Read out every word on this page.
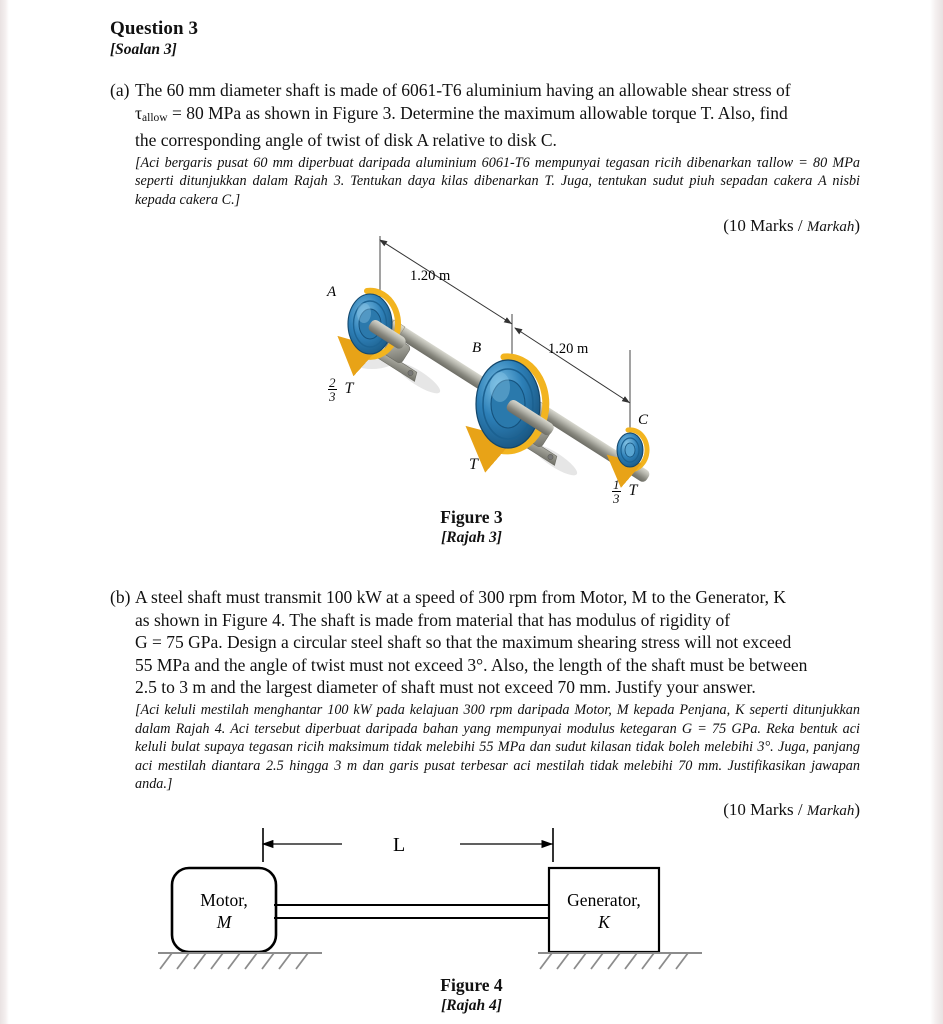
Question 3
[Soalan 3]
(a) The 60 mm diameter shaft is made of 6061-T6 aluminium having an allowable shear stress of
$\tau_{allow} = 80$ MPa as shown in Figure 3. Determine the maximum allowable torque T. Also, find
the corresponding angle of twist of disk A relative to disk C.
[Aci bergaris pusat 60 mm diperbuat daripada aluminium 6061-T6 mempunyai tegasan ricih dibenarkan τallow = 80 MPa seperti ditunjukkan dalam Rajah 3. Tentukan daya kilas dibenarkan T. Juga, tentukan sudut piuh sepadan cakera A nisbi kepada cakera C.]
(10 Marks / Markah)
1.20 m
1.20 m
A
B
C
$\frac{2}{3}$ T
T
$\frac{1}{3}$ T
Figure 3
[Rajah 3]
(b) A steel shaft must transmit 100 kW at a speed of 300 rpm from Motor, M to the Generator, K
as shown in Figure 4. The shaft is made from material that has modulus of rigidity of
G = 75 GPa. Design a circular steel shaft so that the maximum shearing stress will not exceed
55 MPa and the angle of twist must not exceed 3°. Also, the length of the shaft must be between
2.5 to 3 m and the largest diameter of shaft must not exceed 70 mm. Justify your answer.
[Aci keluli mestilah menghantar 100 kW pada kelajuan 300 rpm daripada Motor, M kepada Penjana, K seperti ditunjukkan dalam Rajah 4. Aci tersebut diperbuat daripada bahan yang mempunyai modulus ketegaran G = 75 GPa. Reka bentuk aci keluli bulat supaya tegasan ricih maksimum tidak melebihi 55 MPa dan sudut kilasan tidak boleh melebihi 3°. Juga, panjang aci mestilah diantara 2.5 hingga 3 m dan garis pusat terbesar aci mestilah tidak melebihi 70 mm. Justifikasikan jawapan anda.]
(10 Marks / Markah)
L
Motor,
M
Generator,
K
Figure 4
[Rajah 4]
